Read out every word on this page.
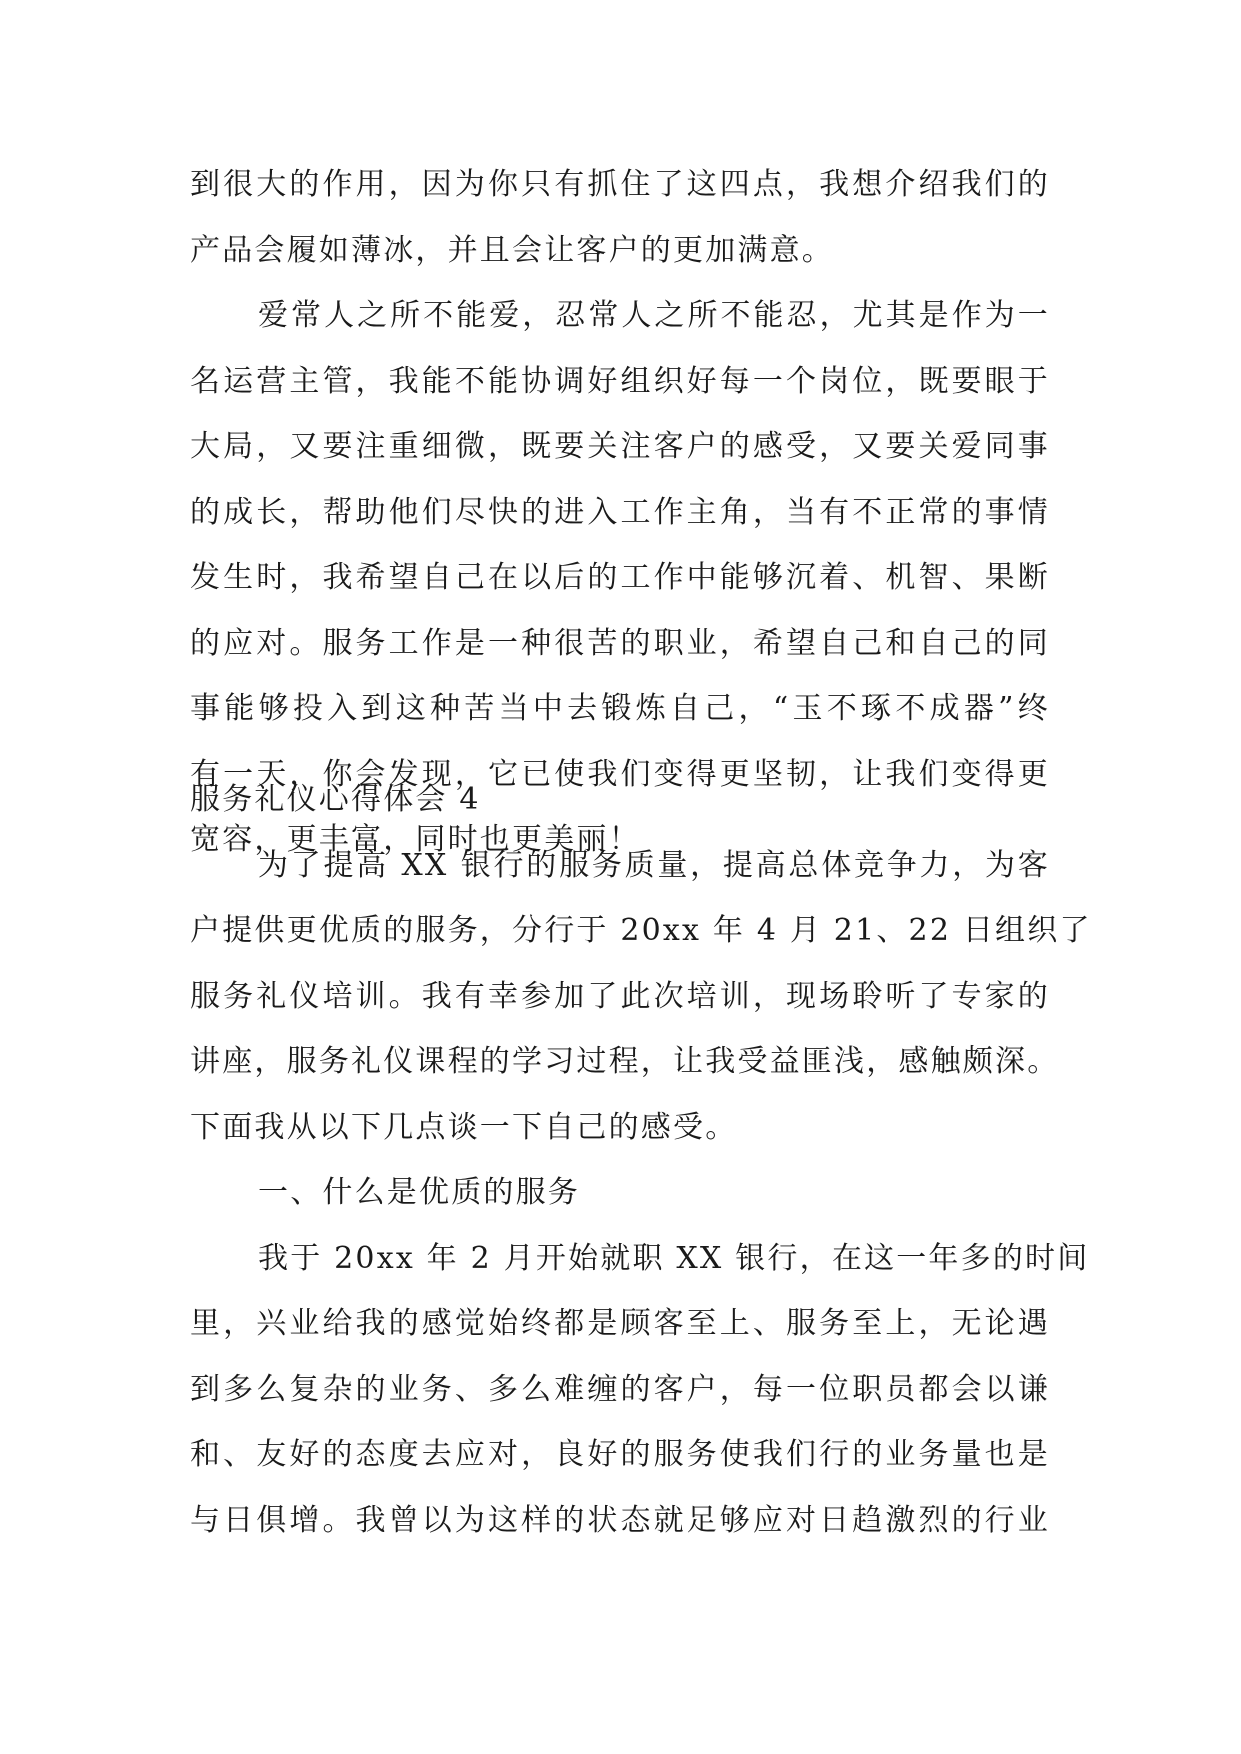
到很大的作用，因为你只有抓住了这四点，我想介绍我们的
产品会履如薄冰，并且会让客户的更加满意。
爱常人之所不能爱，忍常人之所不能忍，尤其是作为一
名运营主管，我能不能协调好组织好每一个岗位，既要眼于
大局，又要注重细微，既要关注客户的感受，又要关爱同事
的成长，帮助他们尽快的进入工作主角，当有不正常的事情
发生时，我希望自己在以后的工作中能够沉着、机智、果断
的应对。服务工作是一种很苦的职业，希望自己和自己的同
事能够投入到这种苦当中去锻炼自己，“玉不琢不成器”终
有一天，你会发现，它已使我们变得更坚韧，让我们变得更
宽容，更丰富，同时也更美丽！
服务礼仪心得体会 4
为了提高 XX 银行的服务质量，提高总体竞争力，为客
户提供更优质的服务，分行于 20xx 年 4 月 21、22 日组织了
服务礼仪培训。我有幸参加了此次培训，现场聆听了专家的
讲座，服务礼仪课程的学习过程，让我受益匪浅，感触颇深。
下面我从以下几点谈一下自己的感受。
一、什么是优质的服务
我于 20xx 年 2 月开始就职 XX 银行，在这一年多的时间
里，兴业给我的感觉始终都是顾客至上、服务至上，无论遇
到多么复杂的业务、多么难缠的客户，每一位职员都会以谦
和、友好的态度去应对，良好的服务使我们行的业务量也是
与日俱增。我曾以为这样的状态就足够应对日趋激烈的行业
